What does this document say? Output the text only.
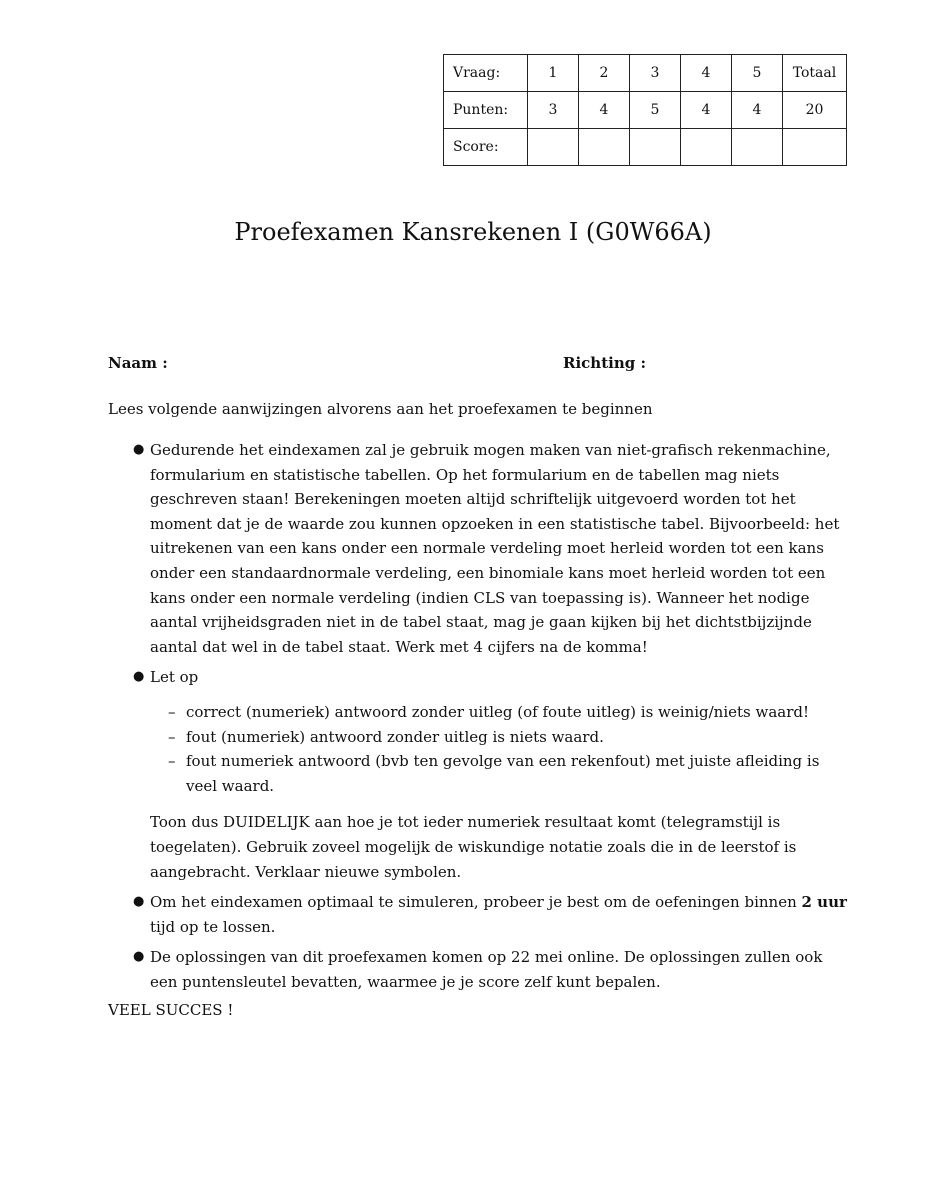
Vraag:	1	2	3	4	5	Totaal
Punten:	3	4	5	4	4	20
Score:						
Proefexamen Kansrekenen I (G0W66A)
Naam :	Richting :
Lees volgende aanwijzingen alvorens aan het proefexamen te beginnen
● Gedurende het eindexamen zal je gebruik mogen maken van niet-grafisch rekenmachine, formularium en statistische tabellen. Op het formularium en de tabellen mag niets geschreven staan! Berekeningen moeten altijd schriftelijk uitgevoerd worden tot het moment dat je de waarde zou kunnen opzoeken in een statistische tabel. Bijvoorbeeld: het uitrekenen van een kans onder een normale verdeling moet herleid worden tot een kans onder een standaardnormale verdeling, een binomiale kans moet herleid worden tot een kans onder een normale verdeling (indien CLS van toepassing is). Wanneer het nodige aantal vrijheidsgraden niet in de tabel staat, mag je gaan kijken bij het dichtstbijzijnde aantal dat wel in de tabel staat. Werk met 4 cijfers na de komma!
● Let op
– correct (numeriek) antwoord zonder uitleg (of foute uitleg) is weinig/niets waard!
– fout (numeriek) antwoord zonder uitleg is niets waard.
– fout numeriek antwoord (bvb ten gevolge van een rekenfout) met juiste afleiding is veel waard.
Toon dus DUIDELIJK aan hoe je tot ieder numeriek resultaat komt (telegramstijl is toegelaten). Gebruik zoveel mogelijk de wiskundige notatie zoals die in de leerstof is aangebracht. Verklaar nieuwe symbolen.
● Om het eindexamen optimaal te simuleren, probeer je best om de oefeningen binnen 2 uur tijd op te lossen.
● De oplossingen van dit proefexamen komen op 22 mei online. De oplossingen zullen ook een puntensleutel bevatten, waarmee je je score zelf kunt bepalen.
VEEL SUCCES !
